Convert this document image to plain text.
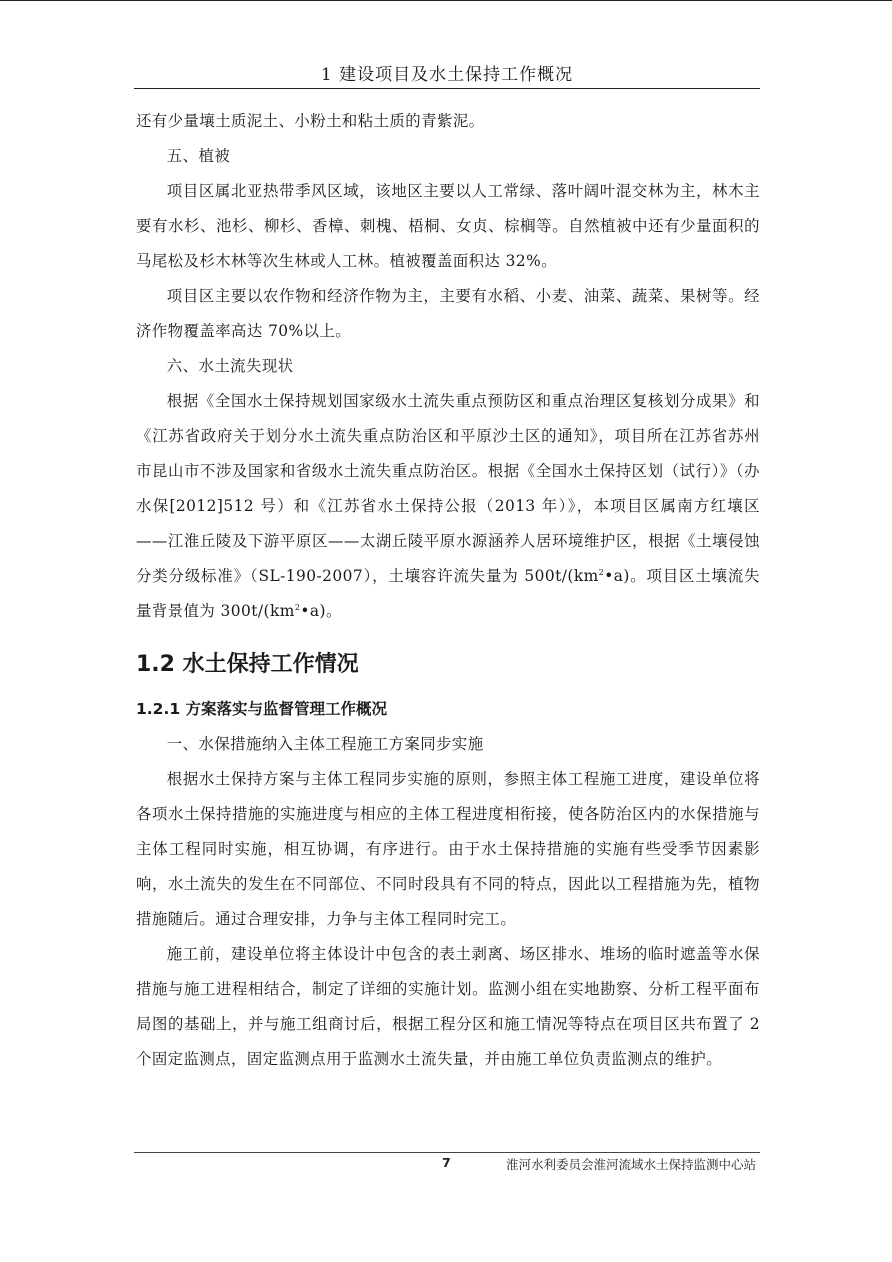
1 建设项目及水土保持工作概况

还有少量壤土质泥土、小粉土和粘土质的青紫泥。

五、植被

项目区属北亚热带季风区域，该地区主要以人工常绿、落叶阔叶混交林为主，林木主要有水杉、池杉、柳杉、香樟、刺槐、梧桐、女贞、棕榈等。自然植被中还有少量面积的马尾松及杉木林等次生林或人工林。植被覆盖面积达 32%。

项目区主要以农作物和经济作物为主，主要有水稻、小麦、油菜、蔬菜、果树等。经济作物覆盖率高达 70%以上。

六、水土流失现状

根据《全国水土保持规划国家级水土流失重点预防区和重点治理区复核划分成果》和《江苏省政府关于划分水土流失重点防治区和平原沙土区的通知》，项目所在江苏省苏州市昆山市不涉及国家和省级水土流失重点防治区。根据《全国水土保持区划（试行）》（办水保[2012]512 号）和《江苏省水土保持公报（2013 年）》，本项目区属南方红壤区——江淮丘陵及下游平原区——太湖丘陵平原水源涵养人居环境维护区，根据《土壤侵蚀分类分级标准》（SL-190-2007），土壤容许流失量为 $500t/(km^2•a)$。项目区土壤流失量背景值为 $300t/(km^2•a)$。

1.2 水土保持工作情况
1.2.1 方案落实与监督管理工作概况

一、水保措施纳入主体工程施工方案同步实施

根据水土保持方案与主体工程同步实施的原则，参照主体工程施工进度，建设单位将各项水土保持措施的实施进度与相应的主体工程进度相衔接，使各防治区内的水保措施与主体工程同时实施，相互协调，有序进行。由于水土保持措施的实施有些受季节因素影响，水土流失的发生在不同部位、不同时段具有不同的特点，因此以工程措施为先，植物措施随后。通过合理安排，力争与主体工程同时完工。

施工前，建设单位将主体设计中包含的表土剥离、场区排水、堆场的临时遮盖等水保措施与施工进程相结合，制定了详细的实施计划。监测小组在实地勘察、分析工程平面布局图的基础上，并与施工组商讨后，根据工程分区和施工情况等特点在项目区共布置了 2 个固定监测点，固定监测点用于监测水土流失量，并由施工单位负责监测点的维护。

7	淮河水利委员会淮河流域水土保持监测中心站
